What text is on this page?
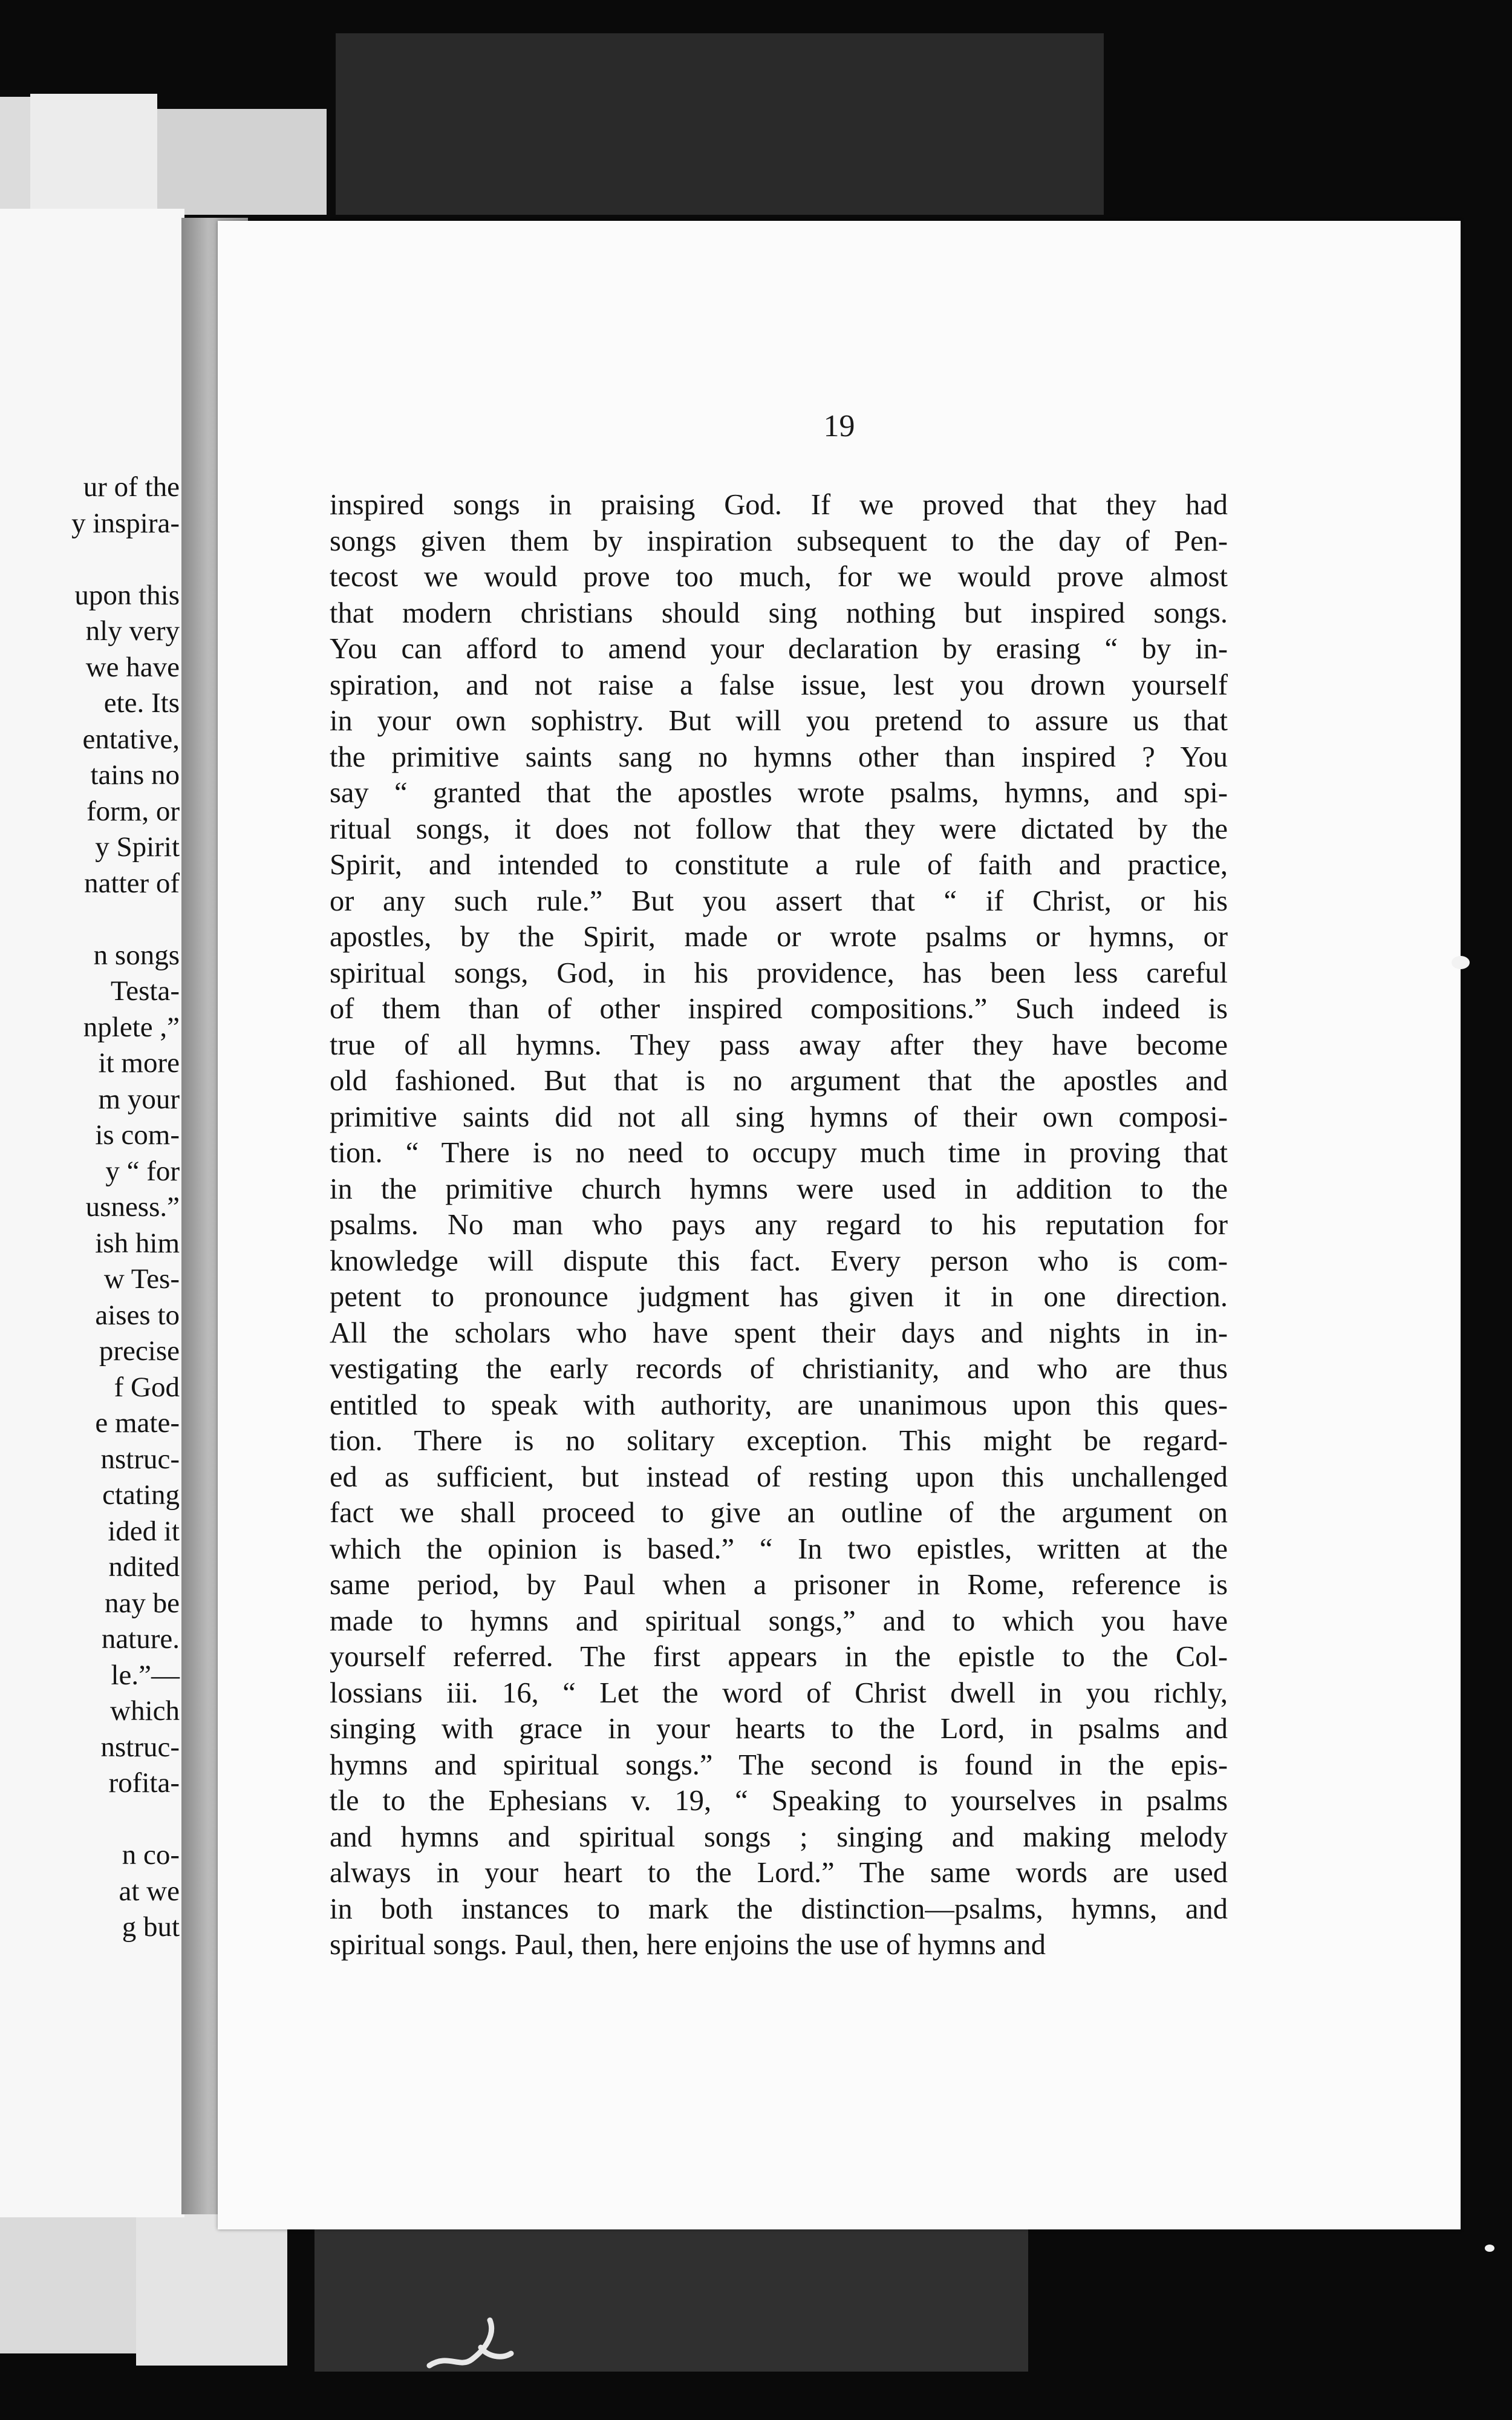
ur of the
y inspira-
upon this
nly very
we have
ete. Its
entative,
tains no
form, or
y Spirit
natter of
n songs
Testa-
nplete ,”
it more
m your
is com-
y “ for
usness.”
ish him
w Tes-
aises to
precise
f God
e mate-
nstruc-
ctating
ided it
ndited
nay be
nature.
le.”—
which
nstruc-
rofita-
n co-
at we
g but
19
inspired songs in praising God. If we proved that they had
songs given them by inspiration subsequent to the day of Pen-
tecost we would prove too much, for we would prove almost
that modern christians should sing nothing but inspired songs.
You can afford to amend your declaration by erasing “ by in-
spiration, and not raise a false issue, lest you drown yourself
in your own sophistry. But will you pretend to assure us that
the primitive saints sang no hymns other than inspired ? You
say “ granted that the apostles wrote psalms, hymns, and spi-
ritual songs, it does not follow that they were dictated by the
Spirit, and intended to constitute a rule of faith and practice,
or any such rule.” But you assert that “ if Christ, or his
apostles, by the Spirit, made or wrote psalms or hymns, or
spiritual songs, God, in his providence, has been less careful
of them than of other inspired compositions.” Such indeed is
true of all hymns. They pass away after they have become
old fashioned. But that is no argument that the apostles and
primitive saints did not all sing hymns of their own composi-
tion. “ There is no need to occupy much time in proving that
in the primitive church hymns were used in addition to the
psalms. No man who pays any regard to his reputation for
knowledge will dispute this fact. Every person who is com-
petent to pronounce judgment has given it in one direction.
All the scholars who have spent their days and nights in in-
vestigating the early records of christianity, and who are thus
entitled to speak with authority, are unanimous upon this ques-
tion. There is no solitary exception. This might be regard-
ed as sufficient, but instead of resting upon this unchallenged
fact we shall proceed to give an outline of the argument on
which the opinion is based.” “ In two epistles, written at the
same period, by Paul when a prisoner in Rome, reference is
made to hymns and spiritual songs,” and to which you have
yourself referred. The first appears in the epistle to the Col-
lossians iii. 16, “ Let the word of Christ dwell in you richly,
singing with grace in your hearts to the Lord, in psalms and
hymns and spiritual songs.” The second is found in the epis-
tle to the Ephesians v. 19, “ Speaking to yourselves in psalms
and hymns and spiritual songs ; singing and making melody
always in your heart to the Lord.” The same words are used
in both instances to mark the distinction—psalms, hymns, and
spiritual songs. Paul, then, here enjoins the use of hymns and
